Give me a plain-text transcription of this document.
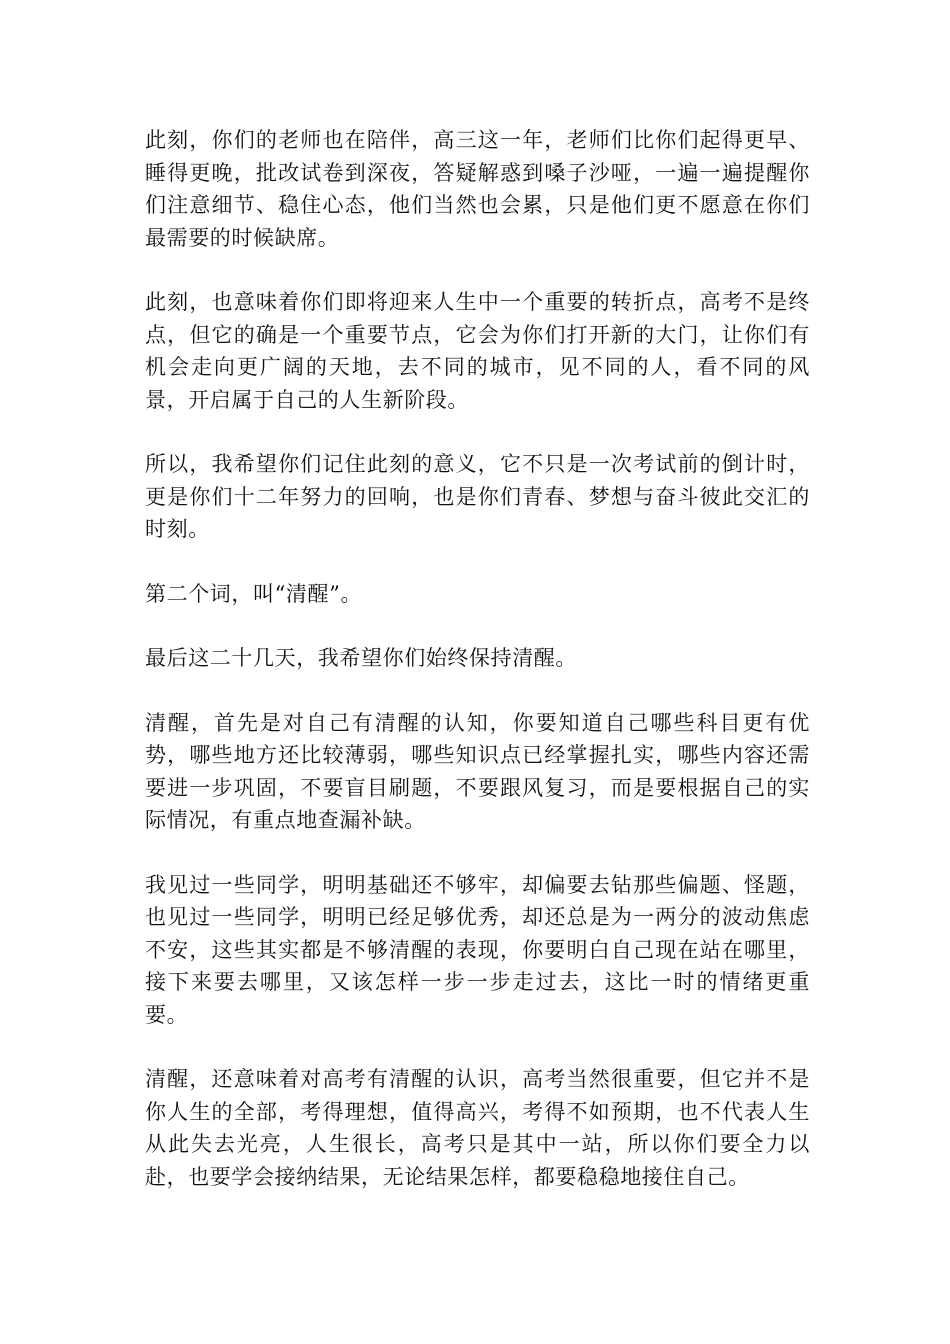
此刻，你们的老师也在陪伴，高三这一年，老师们比你们起得更早、睡得更晚，批改试卷到深夜，答疑解惑到嗓子沙哑，一遍一遍提醒你们注意细节、稳住心态，他们当然也会累，只是他们更不愿意在你们最需要的时候缺席。

此刻，也意味着你们即将迎来人生中一个重要的转折点，高考不是终点，但它的确是一个重要节点，它会为你们打开新的大门，让你们有机会走向更广阔的天地，去不同的城市，见不同的人，看不同的风景，开启属于自己的人生新阶段。

所以，我希望你们记住此刻的意义，它不只是一次考试前的倒计时，更是你们十二年努力的回响，也是你们青春、梦想与奋斗彼此交汇的时刻。

第二个词，叫“清醒”。

最后这二十几天，我希望你们始终保持清醒。

清醒，首先是对自己有清醒的认知，你要知道自己哪些科目更有优势，哪些地方还比较薄弱，哪些知识点已经掌握扎实，哪些内容还需要进一步巩固，不要盲目刷题，不要跟风复习，而是要根据自己的实际情况，有重点地查漏补缺。

我见过一些同学，明明基础还不够牢，却偏要去钻那些偏题、怪题，也见过一些同学，明明已经足够优秀，却还总是为一两分的波动焦虑不安，这些其实都是不够清醒的表现，你要明白自己现在站在哪里，接下来要去哪里，又该怎样一步一步走过去，这比一时的情绪更重要。

清醒，还意味着对高考有清醒的认识，高考当然很重要，但它并不是你人生的全部，考得理想，值得高兴，考得不如预期，也不代表人生从此失去光亮，人生很长，高考只是其中一站，所以你们要全力以赴，也要学会接纳结果，无论结果怎样，都要稳稳地接住自己。
